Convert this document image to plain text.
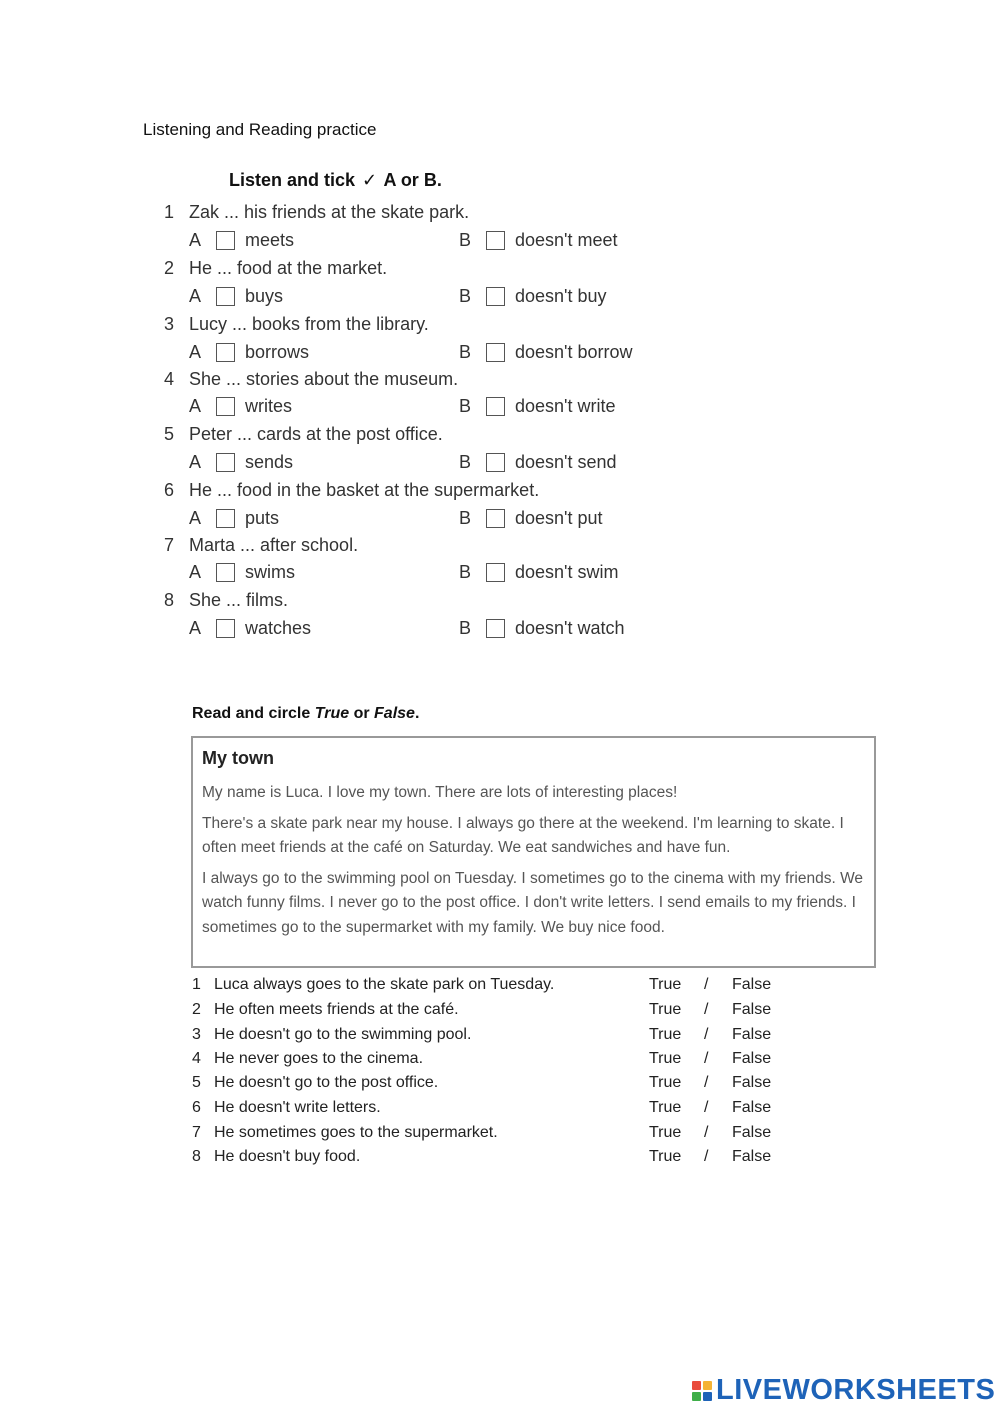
Listening and Reading practice
Listen and tick ✓ A or B.
1 Zak ... his friends at the skate park.
A	meets	B	doesn't meet
2 He ... food at the market.
A	buys	B	doesn't buy
3 Lucy ... books from the library.
A	borrows	B	doesn't borrow
4 She ... stories about the museum.
A	writes	B	doesn't write
5 Peter ... cards at the post office.
A	sends	B	doesn't send
6 He ... food in the basket at the supermarket.
A	puts	B	doesn't put
7 Marta ... after school.
A	swims	B	doesn't swim
8 She ... films.
A	watches	B	doesn't watch
Read and circle True or False.
My town
My name is Luca. I love my town. There are lots of interesting places!
There's a skate park near my house. I always go there at the weekend. I'm learning to skate. I often meet friends at the café on Saturday. We eat sandwiches and have fun.
I always go to the swimming pool on Tuesday. I sometimes go to the cinema with my friends. We watch funny films. I never go to the post office. I don't write letters. I send emails to my friends. I sometimes go to the supermarket with my family. We buy nice food.
1 Luca always goes to the skate park on Tuesday.	True / False
2 He often meets friends at the café.	True / False
3 He doesn't go to the swimming pool.	True / False
4 He never goes to the cinema.	True / False
5 He doesn't go to the post office.	True / False
6 He doesn't write letters.	True / False
7 He sometimes goes to the supermarket.	True / False
8 He doesn't buy food.	True / False
LIVEWORKSHEETS
